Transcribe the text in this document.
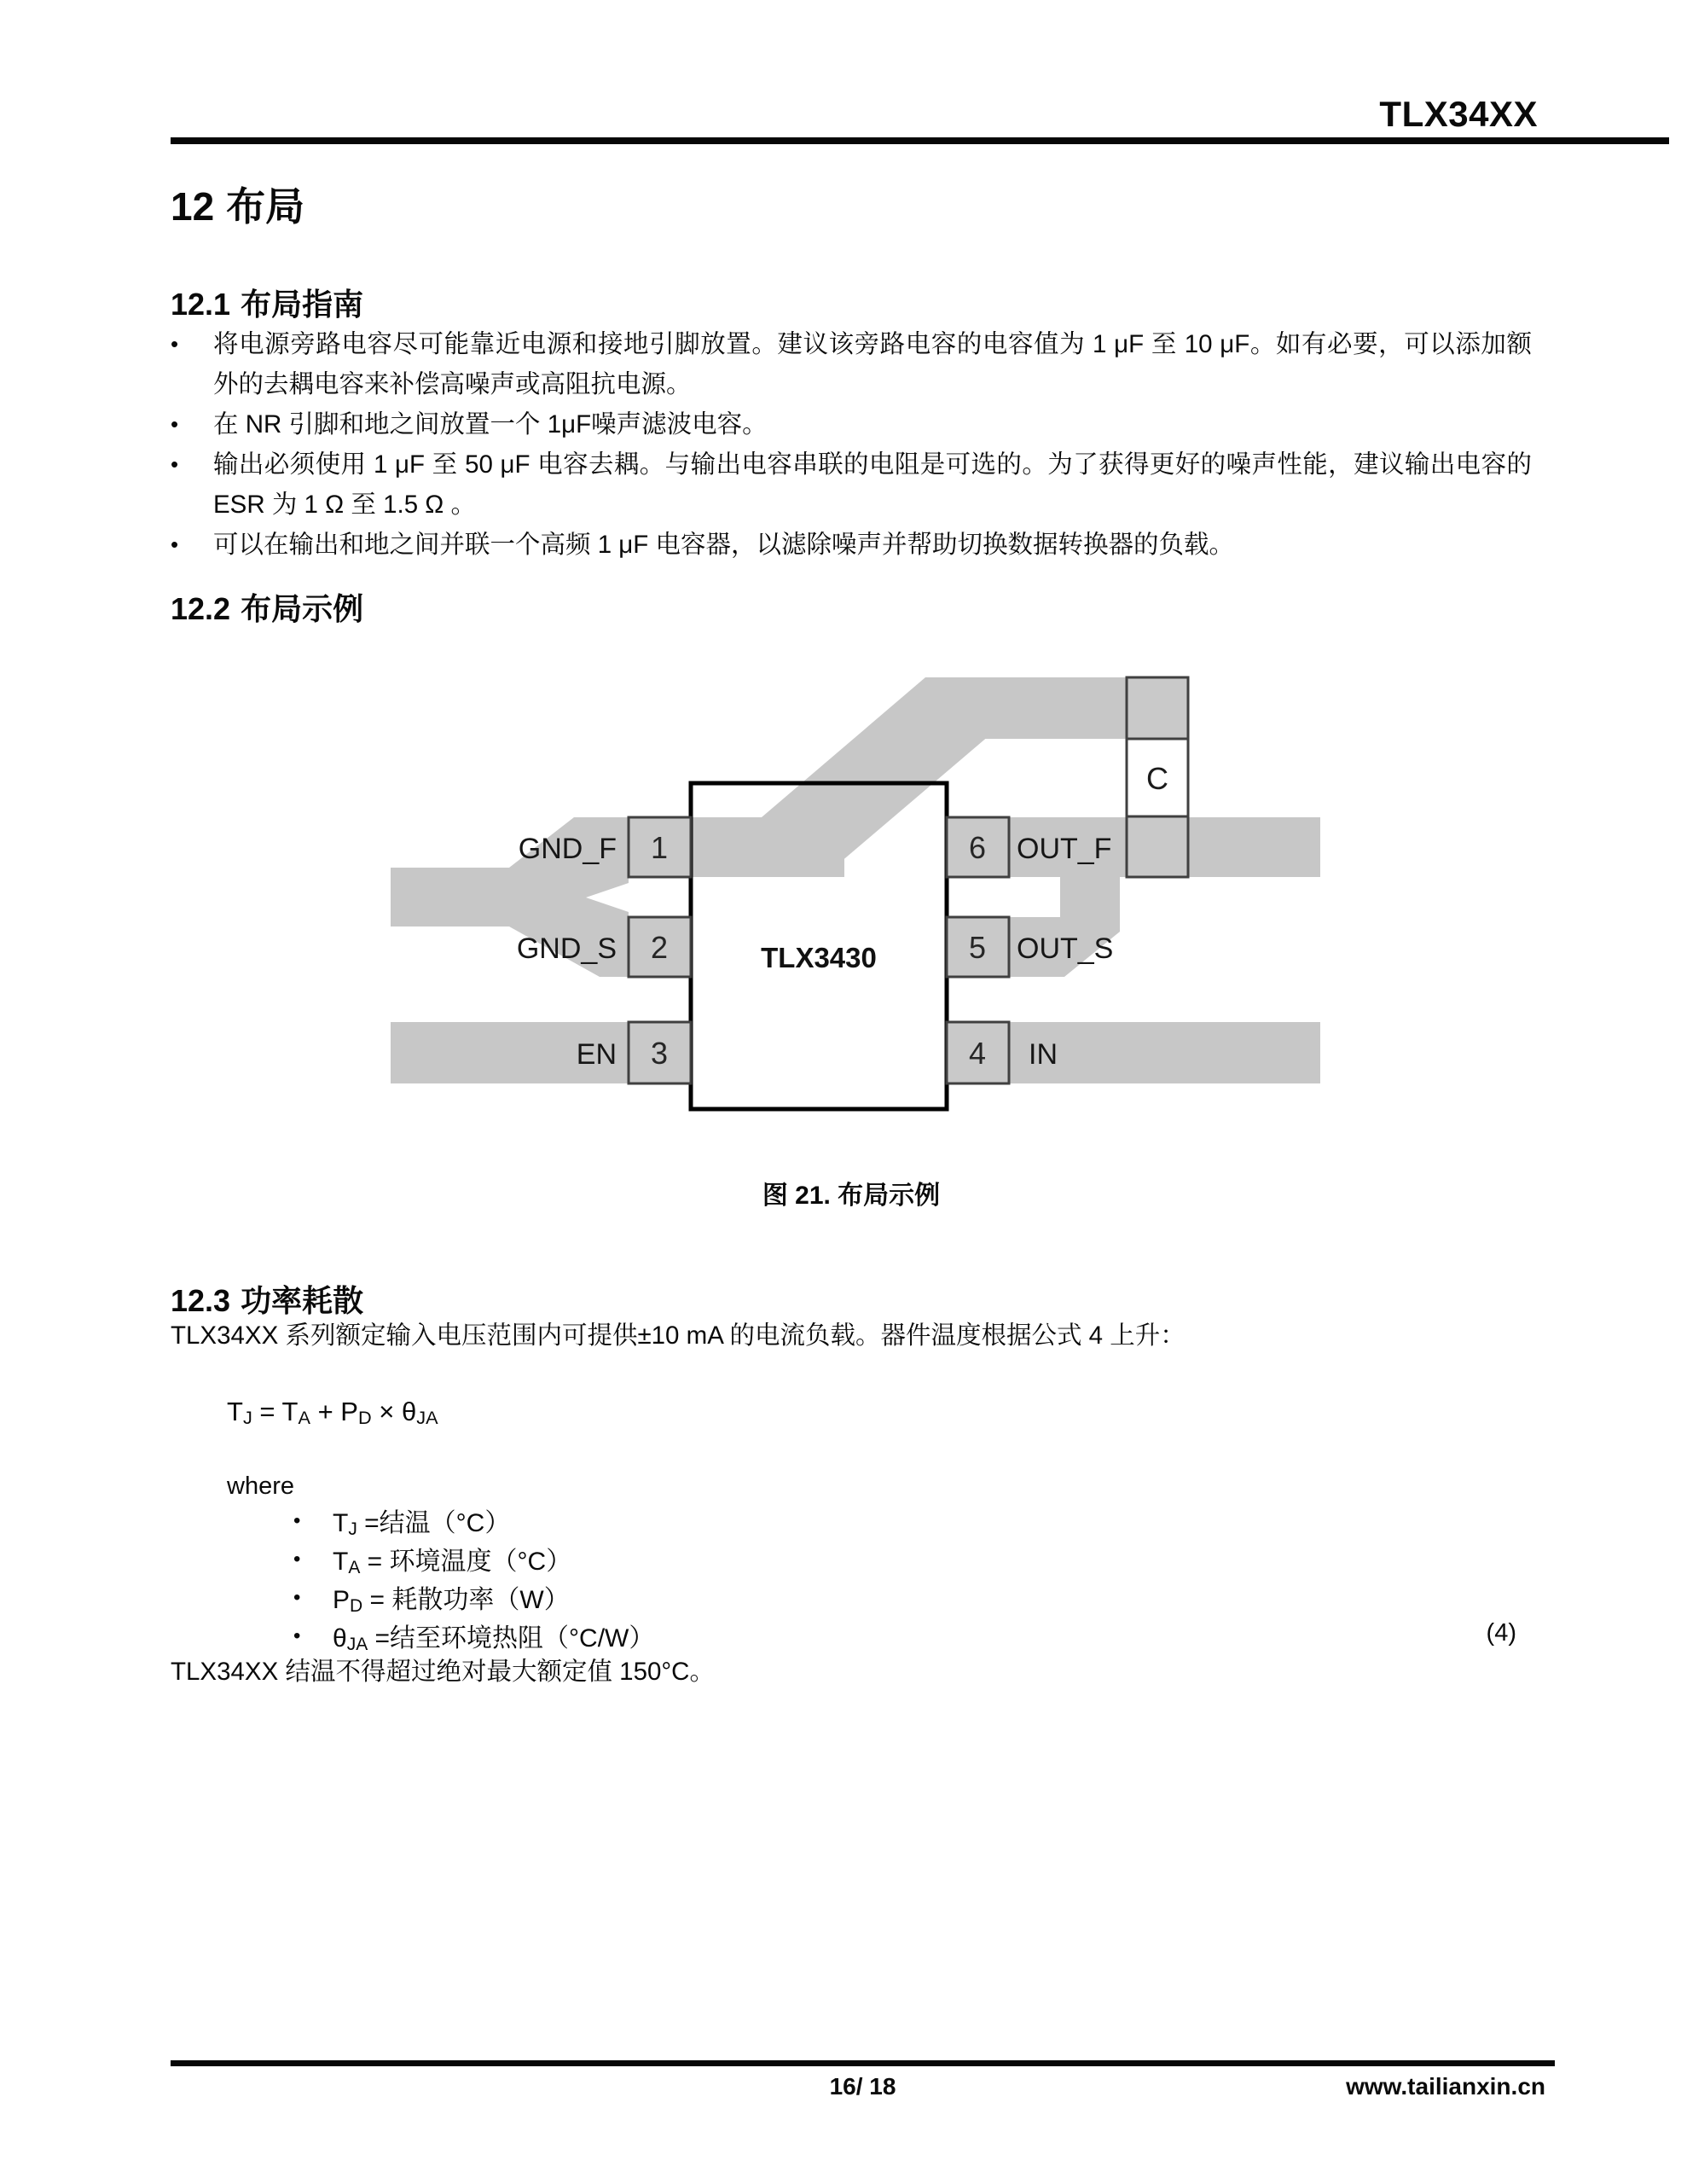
TLX34XX
12 布局
12.1 布局指南
•	将电源旁路电容尽可能靠近电源和接地引脚放置。建议该旁路电容的电容值为 1 μF 至 10 μF。如有必要，可以添加额外的去耦电容来补偿高噪声或高阻抗电源。
•	在 NR 引脚和地之间放置一个 1μF噪声滤波电容。
•	输出必须使用 1 μF 至 50 μF 电容去耦。与输出电容串联的电阻是可选的。为了获得更好的噪声性能，建议输出电容的 ESR 为 1 Ω 至 1.5 Ω 。
•	可以在输出和地之间并联一个高频 1 μF 电容器，以滤除噪声并帮助切换数据转换器的负载。
12.2 布局示例
C
1
2
3
6
5
4
GND_F
GND_S
EN
OUT_F
OUT_S
IN
TLX3430
图 21. 布局示例
12.3 功率耗散
TLX34XX 系列额定输入电压范围内可提供±10 mA 的电流负载。器件温度根据公式 4 上升：
TJ = TA + PD × θJA
where
•	TJ =结温（°C）
•	TA = 环境温度（°C）
•	PD = 耗散功率（W）
•	θJA =结至环境热阻（°C/W）	(4)
TLX34XX 结温不得超过绝对最大额定值 150°C。
16/ 18	www.tailianxin.cn
